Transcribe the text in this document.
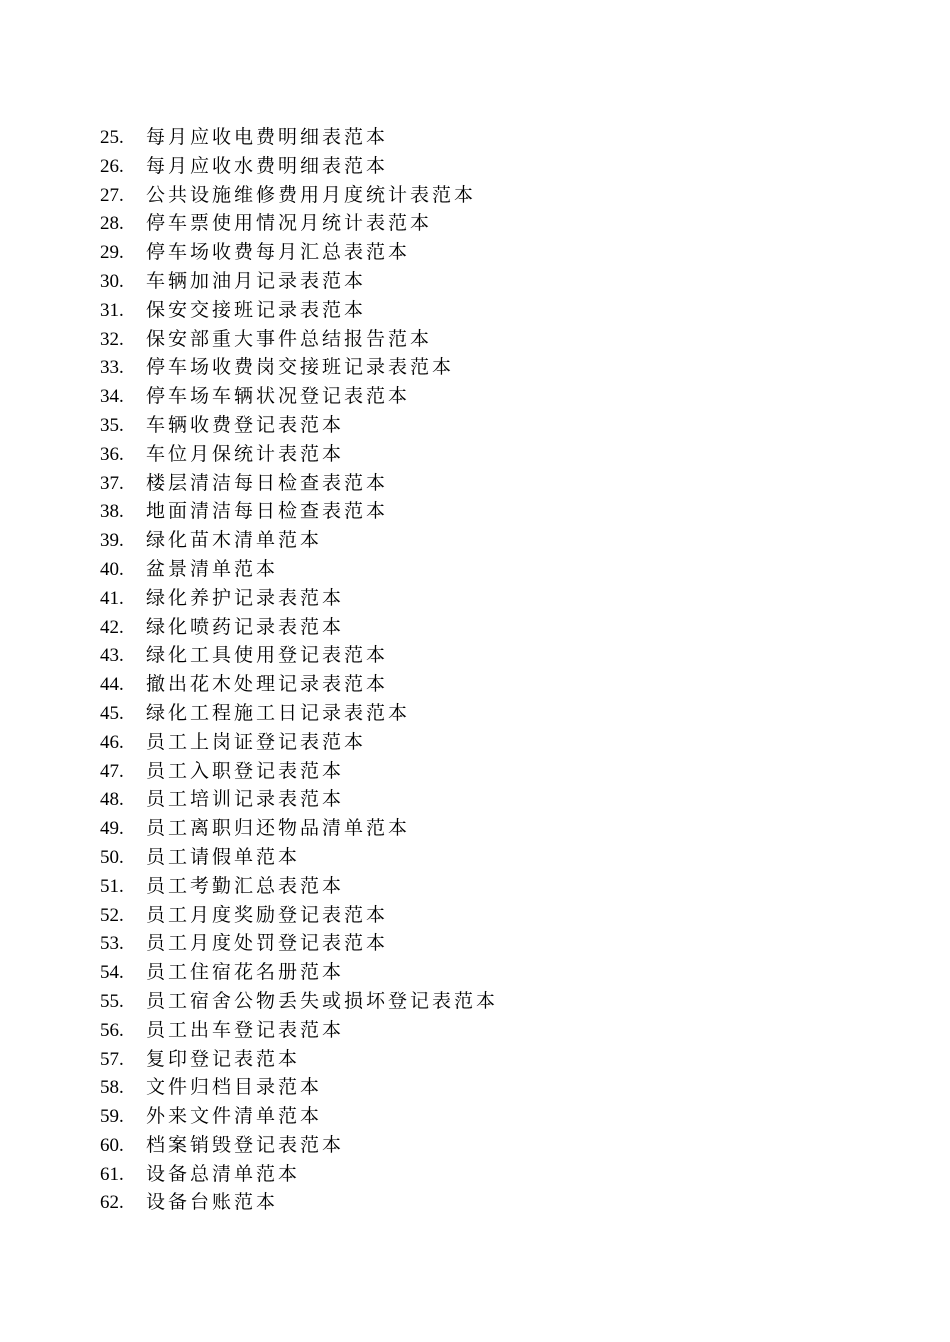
25. 每月应收电费明细表范本
26. 每月应收水费明细表范本
27. 公共设施维修费用月度统计表范本
28. 停车票使用情况月统计表范本
29. 停车场收费每月汇总表范本
30. 车辆加油月记录表范本
31. 保安交接班记录表范本
32. 保安部重大事件总结报告范本
33. 停车场收费岗交接班记录表范本
34. 停车场车辆状况登记表范本
35. 车辆收费登记表范本
36. 车位月保统计表范本
37. 楼层清洁每日检查表范本
38. 地面清洁每日检查表范本
39. 绿化苗木清单范本
40. 盆景清单范本
41. 绿化养护记录表范本
42. 绿化喷药记录表范本
43. 绿化工具使用登记表范本
44. 撤出花木处理记录表范本
45. 绿化工程施工日记录表范本
46. 员工上岗证登记表范本
47. 员工入职登记表范本
48. 员工培训记录表范本
49. 员工离职归还物品清单范本
50. 员工请假单范本
51. 员工考勤汇总表范本
52. 员工月度奖励登记表范本
53. 员工月度处罚登记表范本
54. 员工住宿花名册范本
55. 员工宿舍公物丢失或损坏登记表范本
56. 员工出车登记表范本
57. 复印登记表范本
58. 文件归档目录范本
59. 外来文件清单范本
60. 档案销毁登记表范本
61. 设备总清单范本
62. 设备台账范本
